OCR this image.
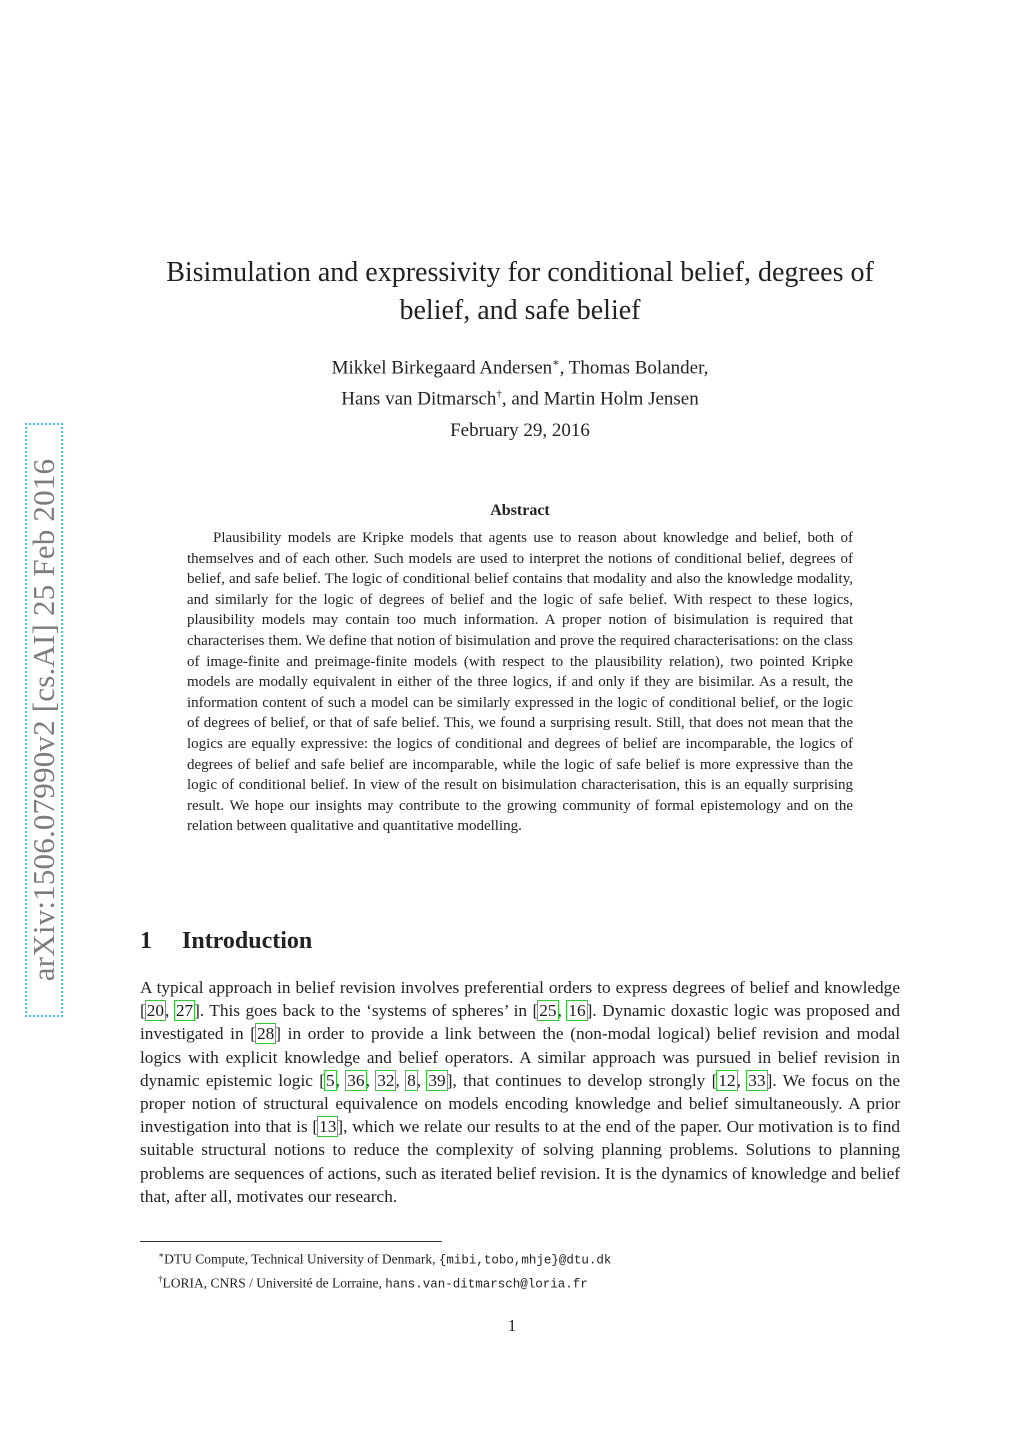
arXiv:1506.07990v2 [cs.AI] 25 Feb 2016
Bisimulation and expressivity for conditional belief, degrees of belief, and safe belief
Mikkel Birkegaard Andersen∗, Thomas Bolander,
Hans van Ditmarsch†, and Martin Holm Jensen
February 29, 2016
Abstract

Plausibility models are Kripke models that agents use to reason about knowledge and belief, both of themselves and of each other. Such models are used to interpret the notions of conditional belief, degrees of belief, and safe belief. The logic of conditional belief contains that modality and also the knowledge modality, and similarly for the logic of degrees of belief and the logic of safe belief. With respect to these logics, plausibility models may contain too much information. A proper notion of bisimulation is required that characterises them. We define that notion of bisimulation and prove the required characterisations: on the class of image-finite and preimage-finite models (with respect to the plausibility relation), two pointed Kripke models are modally equivalent in either of the three logics, if and only if they are bisimilar. As a result, the information content of such a model can be similarly expressed in the logic of conditional belief, or the logic of degrees of belief, or that of safe belief. This, we found a surprising result. Still, that does not mean that the logics are equally expressive: the logics of conditional and degrees of belief are incomparable, the logics of degrees of belief and safe belief are incomparable, while the logic of safe belief is more expressive than the logic of conditional belief. In view of the result on bisimulation characterisation, this is an equally surprising result. We hope our insights may contribute to the growing community of formal epistemology and on the relation between qualitative and quantitative modelling.

1 Introduction

A typical approach in belief revision involves preferential orders to express degrees of belief and knowledge [20, 27]. This goes back to the ‘systems of spheres’ in [25, 16]. Dynamic doxastic logic was proposed and investigated in [28] in order to provide a link between the (non-modal logical) belief revision and modal logics with explicit knowledge and belief operators. A similar approach was pursued in belief revision in dynamic epistemic logic [5, 36, 32, 8, 39], that continues to develop strongly [12, 33]. We focus on the proper notion of structural equivalence on models encoding knowledge and belief simultaneously. A prior investigation into that is [13], which we relate our results to at the end of the paper. Our motivation is to find suitable structural notions to reduce the complexity of solving planning problems. Solutions to planning problems are sequences of actions, such as iterated belief revision. It is the dynamics of knowledge and belief that, after all, motivates our research.

∗DTU Compute, Technical University of Denmark, {mibi,tobo,mhje}@dtu.dk
†LORIA, CNRS / Université de Lorraine, hans.van-ditmarsch@loria.fr
1
